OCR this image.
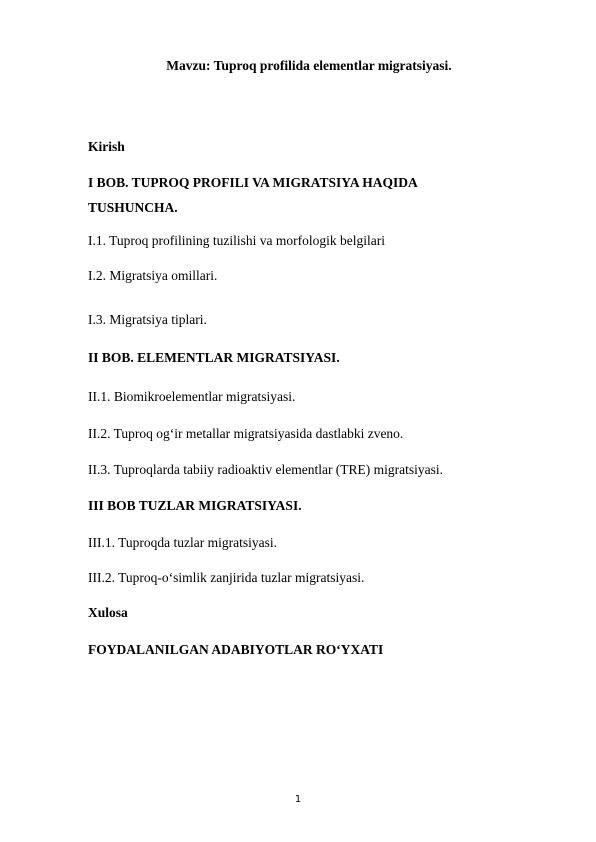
Mavzu: Tuproq profilida elementlar migratsiyasi.
Kirish
I BOB. TUPROQ PROFILI VA MIGRATSIYA HAQIDA
TUSHUNCHA.
I.1. Tuproq profilining tuzilishi va morfologik belgilari
I.2. Migratsiya omillari.
I.3. Migratsiya tiplari.
II BOB. ELEMENTLAR MIGRATSIYASI.
II.1. Biomikroelementlar migratsiyasi.
II.2. Tuproq og‘ir metallar migratsiyasida dastlabki zveno.
II.3. Tuproqlarda tabiiy radioaktiv elementlar (TRE) migratsiyasi.
III BOB TUZLAR MIGRATSIYASI.
III.1. Tuproqda tuzlar migratsiyasi.
III.2. Tuproq-o‘simlik zanjirida tuzlar migratsiyasi.
Xulosa
FOYDALANILGAN ADABIYOTLAR RO‘YXATI
1
